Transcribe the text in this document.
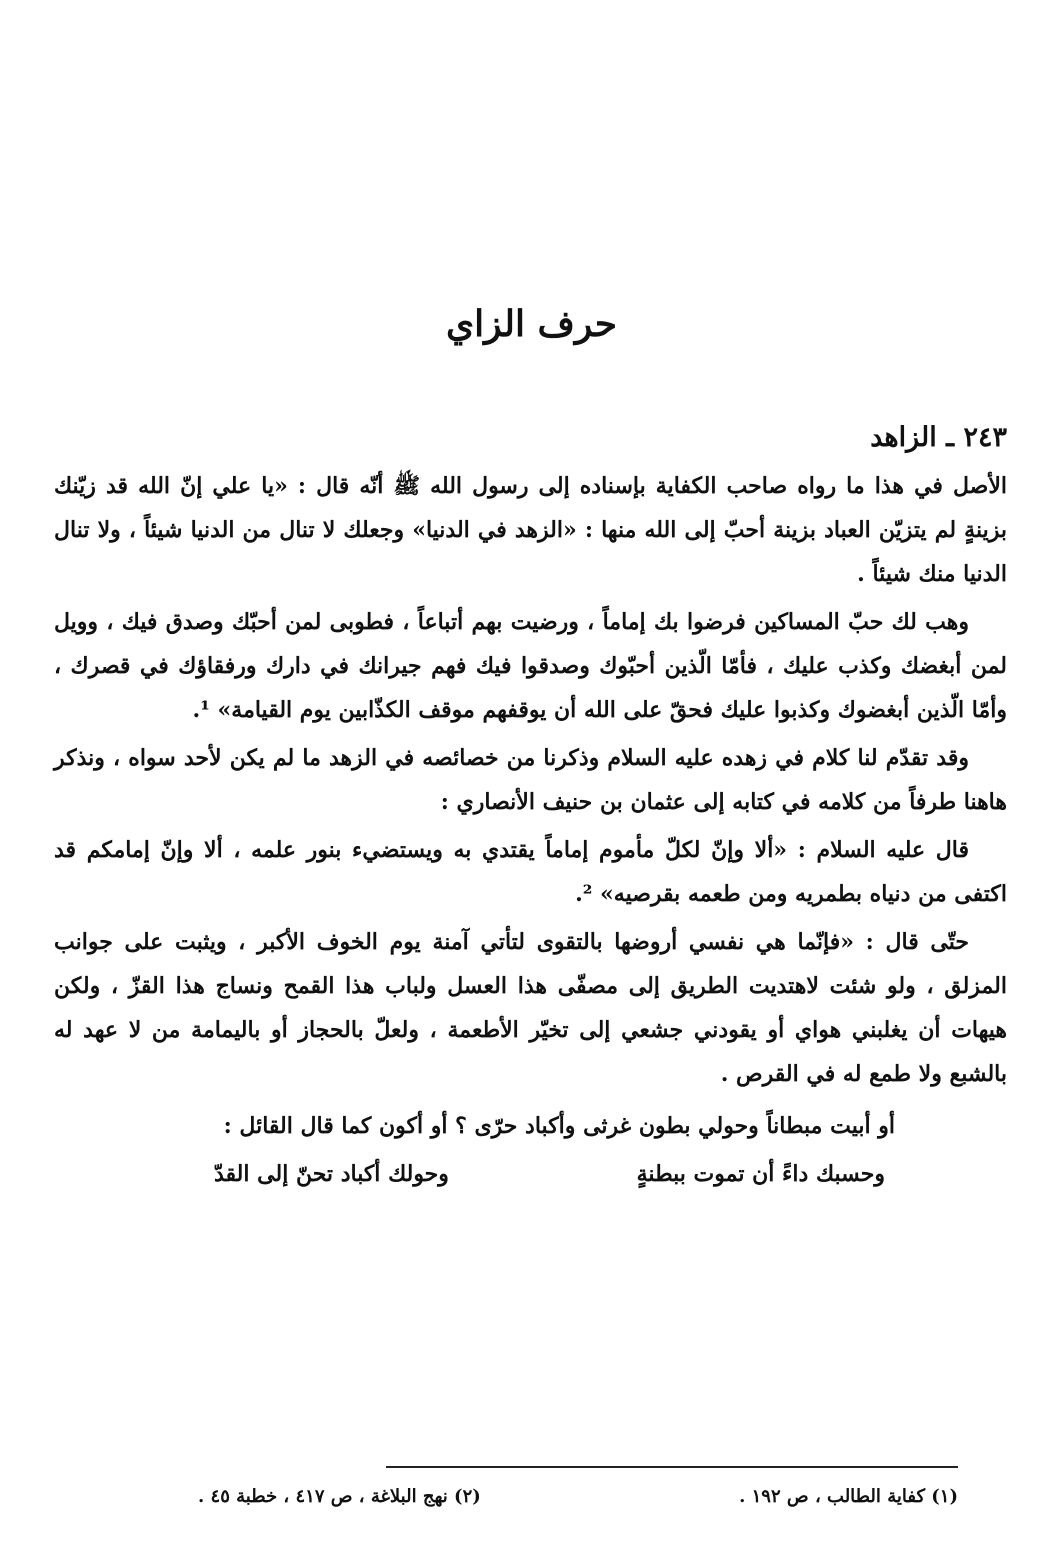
حرف الزاي
٢٤٣ ـ الزاهد

الأصل في هذا ما رواه صاحب الكفاية بإسناده إلى رسول الله ﷺ أنّه قال : «يا علي إنّ الله قد زيّنك بزينةٍ لم يتزيّن العباد بزينة أحبّ إلى الله منها : «الزهد في الدنيا» وجعلك لا تنال من الدنيا شيئاً ، ولا تنال الدنيا منك شيئاً .

وهب لك حبّ المساكين فرضوا بك إماماً ، ورضيت بهم أتباعاً ، فطوبى لمن أحبّك وصدق فيك ، وويل لمن أبغضك وكذب عليك ، فأمّا الّذين أحبّوك وصدقوا فيك فهم جيرانك في دارك ورفقاؤك في قصرك ، وأمّا الّذين أبغضوك وكذبوا عليك فحقّ على الله أن يوقفهم موقف الكذّابين يوم القيامة» ¹.

وقد تقدّم لنا كلام في زهده عليه السلام وذكرنا من خصائصه في الزهد ما لم يكن لأحد سواه ، ونذكر هاهنا طرفاً من كلامه في كتابه إلى عثمان بن حنيف الأنصاري :

قال عليه السلام : «ألا وإنّ لكلّ مأموم إماماً يقتدي به ويستضيء بنور علمه ، ألا وإنّ إمامكم قد اكتفى من دنياه بطمريه ومن طعمه بقرصيه» ².

حتّى قال : «فإنّما هي نفسي أروضها بالتقوى لتأتي آمنة يوم الخوف الأكبر ، ويثبت على جوانب المزلق ، ولو شئت لاهتديت الطريق إلى مصفّى هذا العسل ولباب هذا القمح ونساج هذا القزّ ، ولكن هيهات أن يغلبني هواي أو يقودني جشعي إلى تخيّر الأطعمة ، ولعلّ بالحجاز أو باليمامة من لا عهد له بالشبع ولا طمع له في القرص .

أو أبيت مبطاناً وحولي بطون غرثى وأكباد حرّى ؟ أو أكون كما قال القائل :

وحسبك داءً أن تموت ببطنةٍ
وحولك أكباد تحنّ إلى القدّ
(١) كفاية الطالب ، ص ١٩٢ .
(٢) نهج البلاغة ، ص ٤١٧ ، خطبة ٤٥ .
